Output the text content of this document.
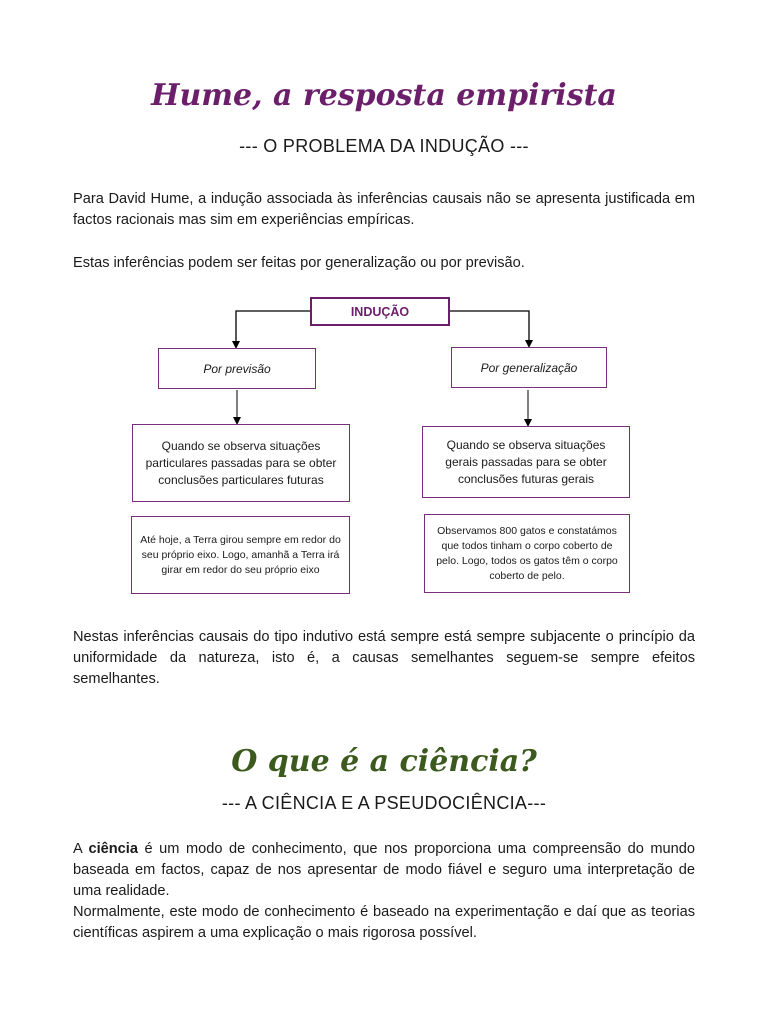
Hume, a resposta empirista
--- O PROBLEMA DA INDUÇÃO ---

Para David Hume, a indução associada às inferências causais não se apresenta justificada em factos racionais mas sim em experiências empíricas.

Estas inferências podem ser feitas por generalização ou por previsão.

INDUÇÃO
Por previsão	Por generalização
Quando se observa situações particulares passadas para se obter conclusões particulares futuras
Quando se observa situações gerais passadas para se obter conclusões futuras gerais
Até hoje, a Terra girou sempre em redor do seu próprio eixo. Logo, amanhã a Terra irá girar em redor do seu próprio eixo
Observamos 800 gatos e constatámos que todos tinham o corpo coberto de pelo. Logo, todos os gatos têm o corpo coberto de pelo.

Nestas inferências causais do tipo indutivo está sempre está sempre subjacente o princípio da uniformidade da natureza, isto é, a causas semelhantes seguem-se sempre efeitos semelhantes.

O que é a ciência?
--- A CIÊNCIA E A PSEUDOCIÊNCIA---

A ciência é um modo de conhecimento, que nos proporciona uma compreensão do mundo baseada em factos, capaz de nos apresentar de modo fiável e seguro uma interpretação de uma realidade.

Normalmente, este modo de conhecimento é baseado na experimentação e daí que as teorias científicas aspirem a uma explicação o mais rigorosa possível.
